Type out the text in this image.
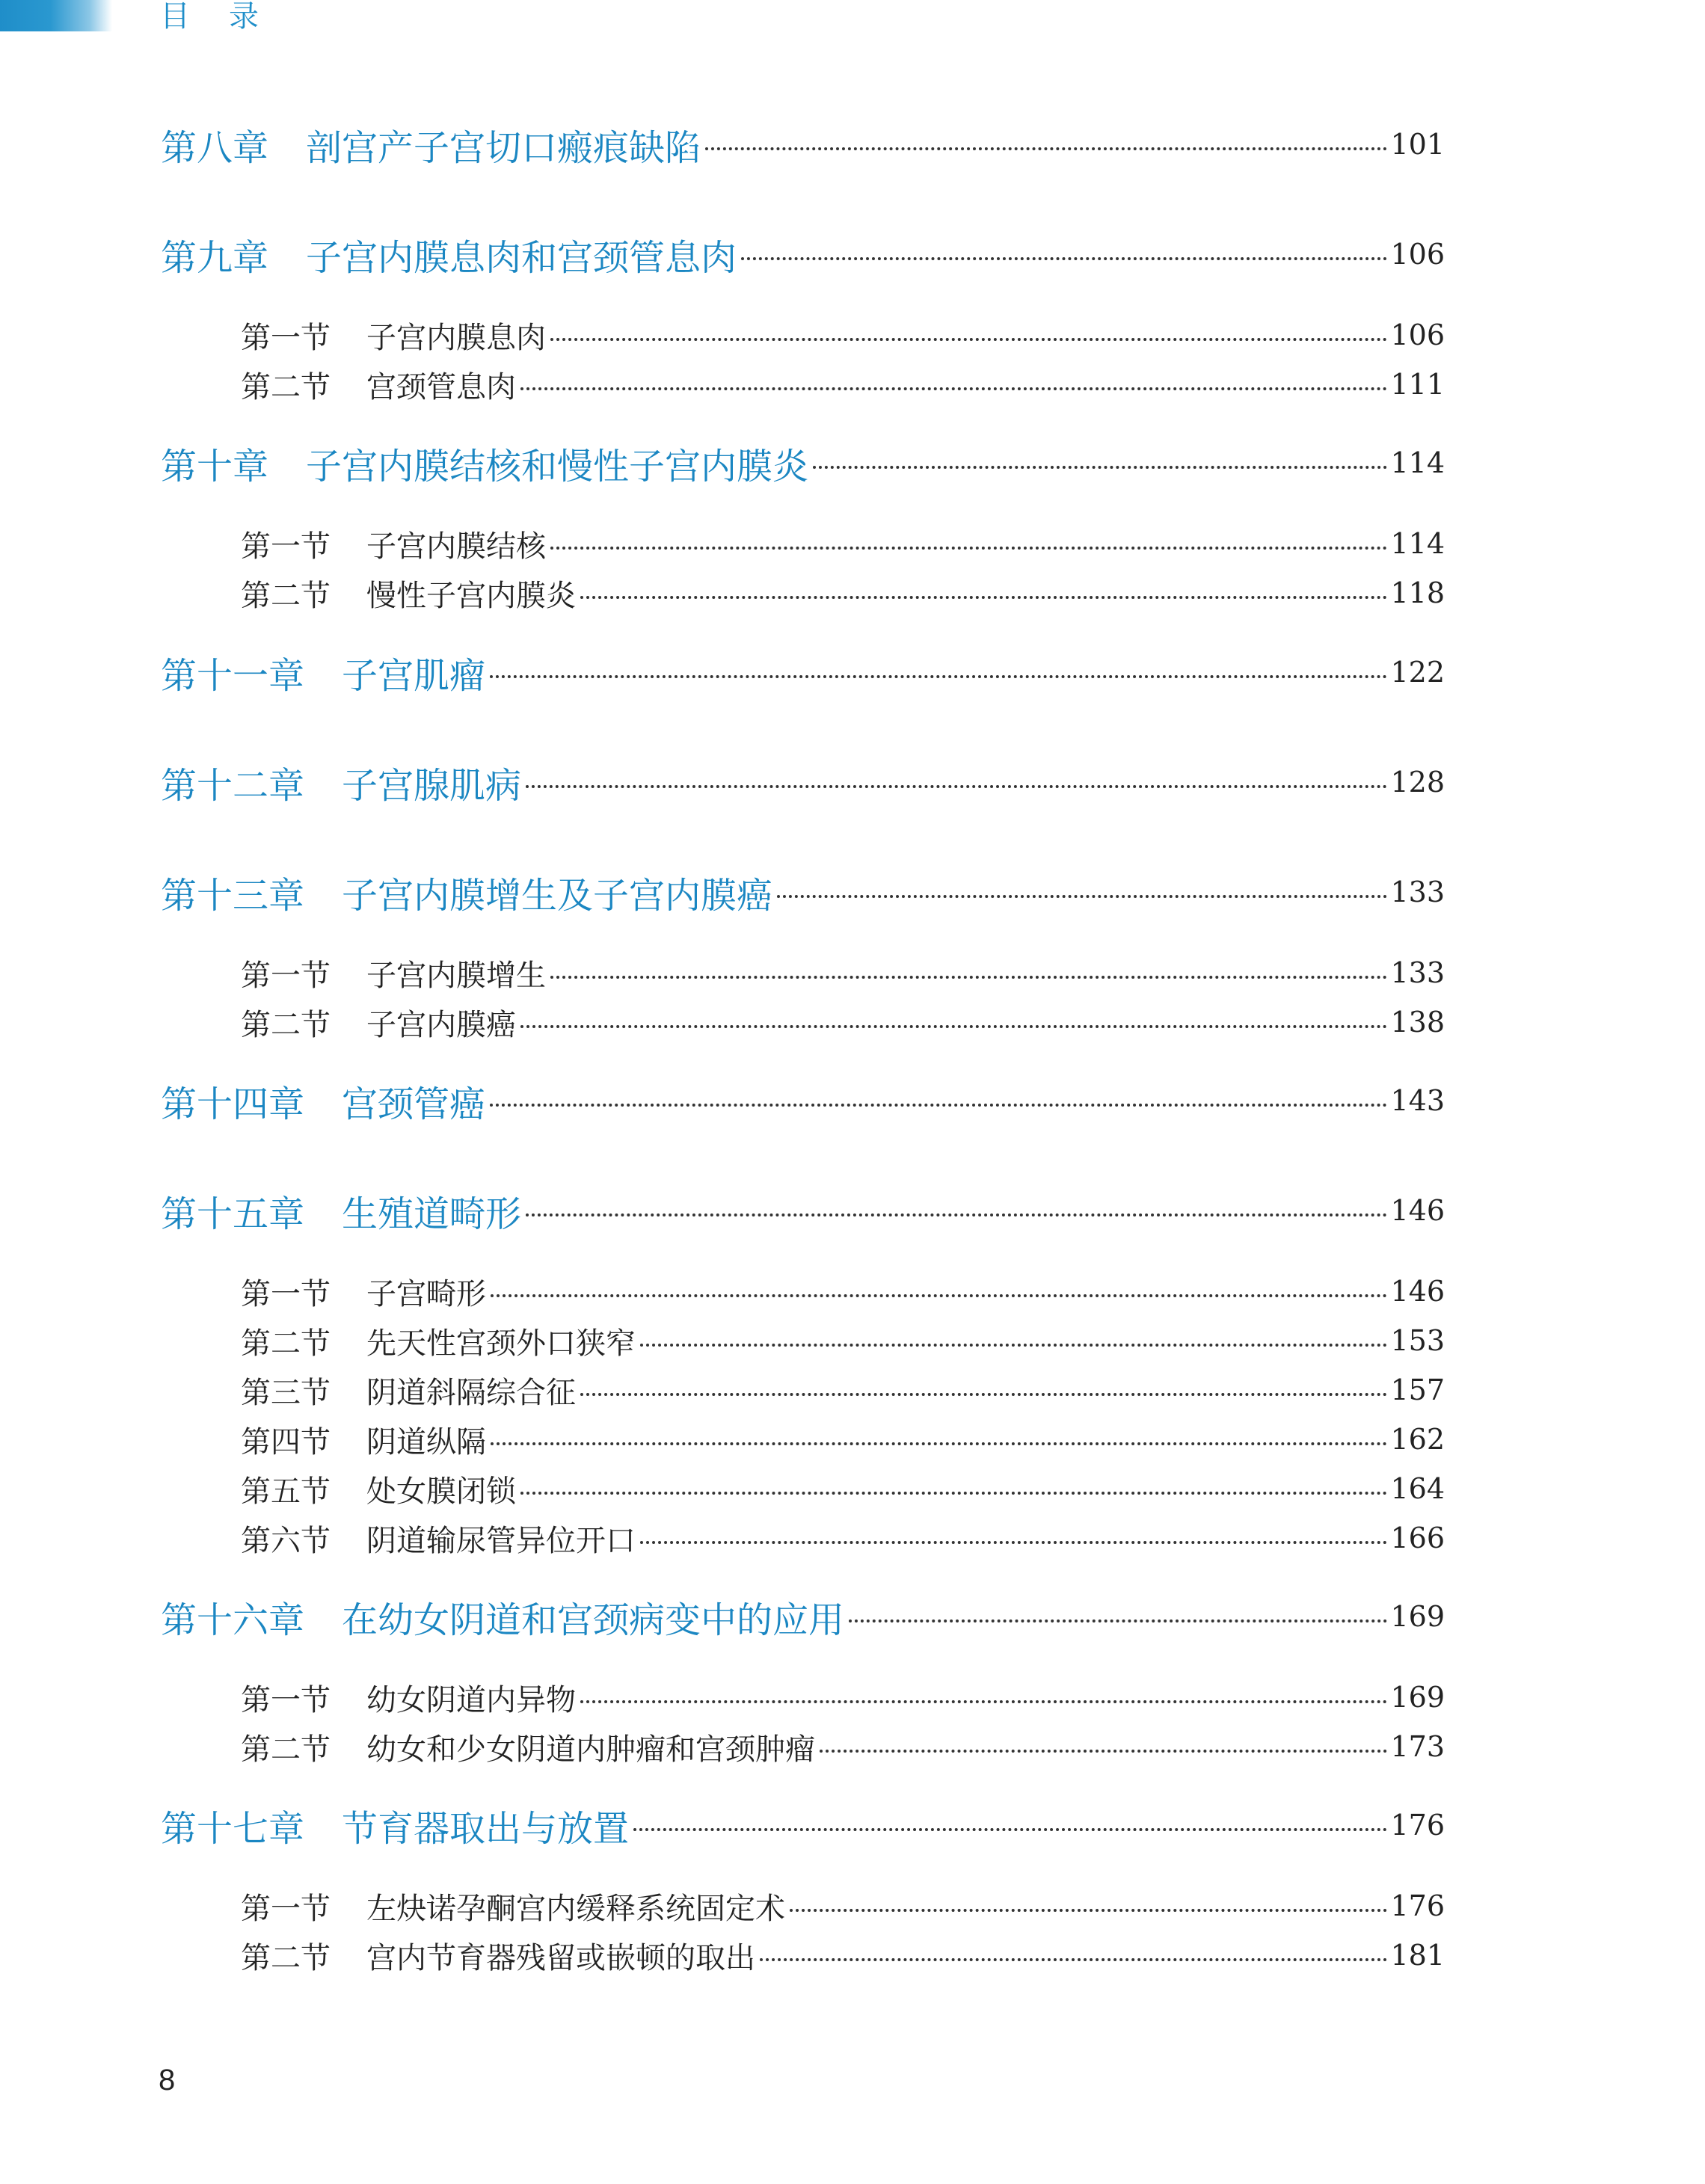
目录
第八章 剖宫产子宫切口瘢痕缺陷	101
第九章 子宫内膜息肉和宫颈管息肉	106
第一节 子宫内膜息肉	106
第二节 宫颈管息肉	111
第十章 子宫内膜结核和慢性子宫内膜炎	114
第一节 子宫内膜结核	114
第二节 慢性子宫内膜炎	118
第十一章 子宫肌瘤	122
第十二章 子宫腺肌病	128
第十三章 子宫内膜增生及子宫内膜癌	133
第一节 子宫内膜增生	133
第二节 子宫内膜癌	138
第十四章 宫颈管癌	143
第十五章 生殖道畸形	146
第一节 子宫畸形	146
第二节 先天性宫颈外口狭窄	153
第三节 阴道斜隔综合征	157
第四节 阴道纵隔	162
第五节 处女膜闭锁	164
第六节 阴道输尿管异位开口	166
第十六章 在幼女阴道和宫颈病变中的应用	169
第一节 幼女阴道内异物	169
第二节 幼女和少女阴道内肿瘤和宫颈肿瘤	173
第十七章 节育器取出与放置	176
第一节 左炔诺孕酮宫内缓释系统固定术	176
第二节 宫内节育器残留或嵌顿的取出	181
8
